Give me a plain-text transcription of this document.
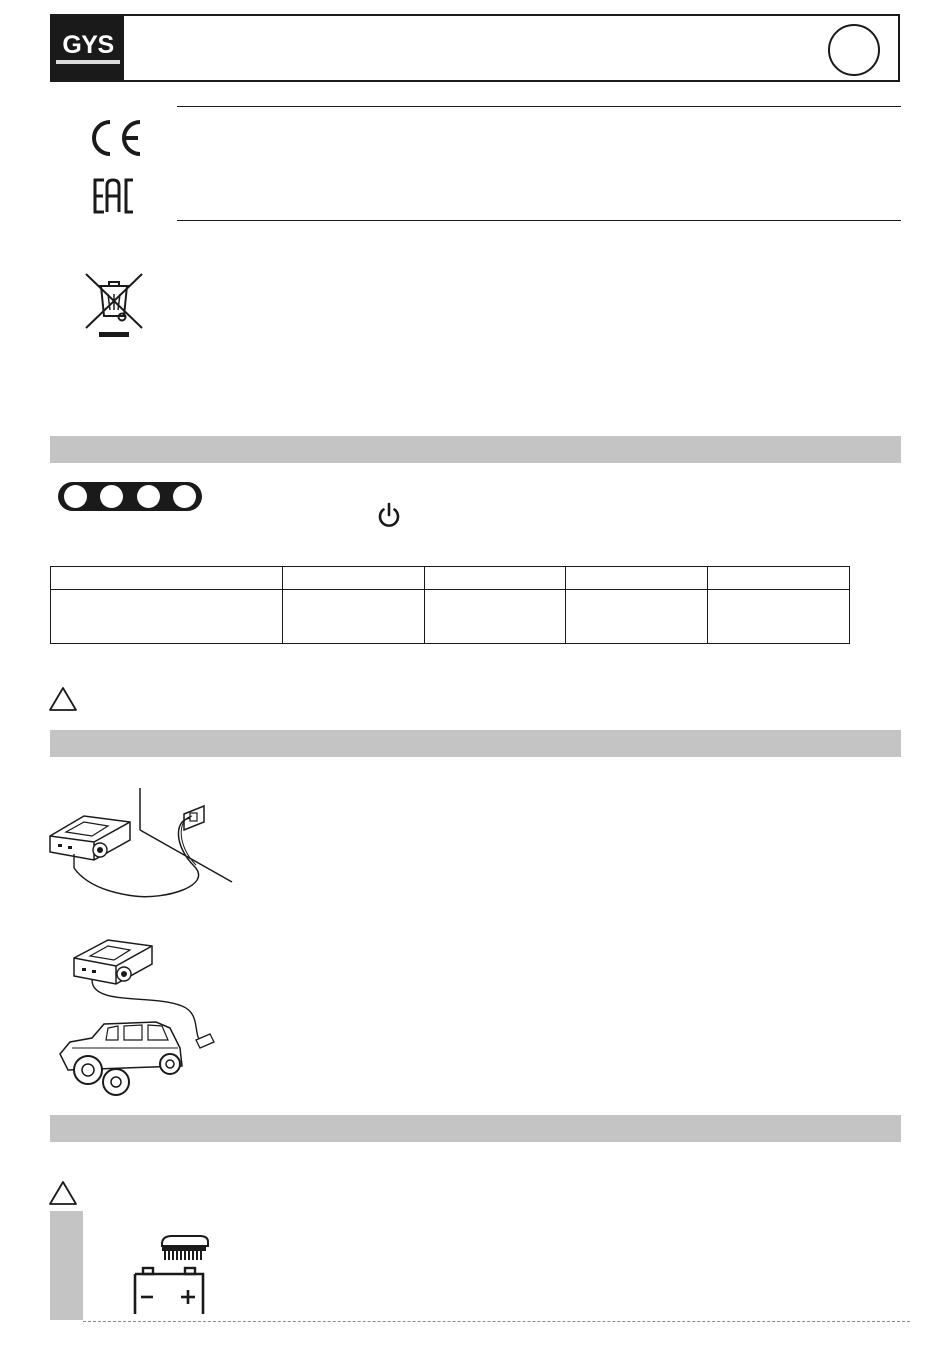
GYS
